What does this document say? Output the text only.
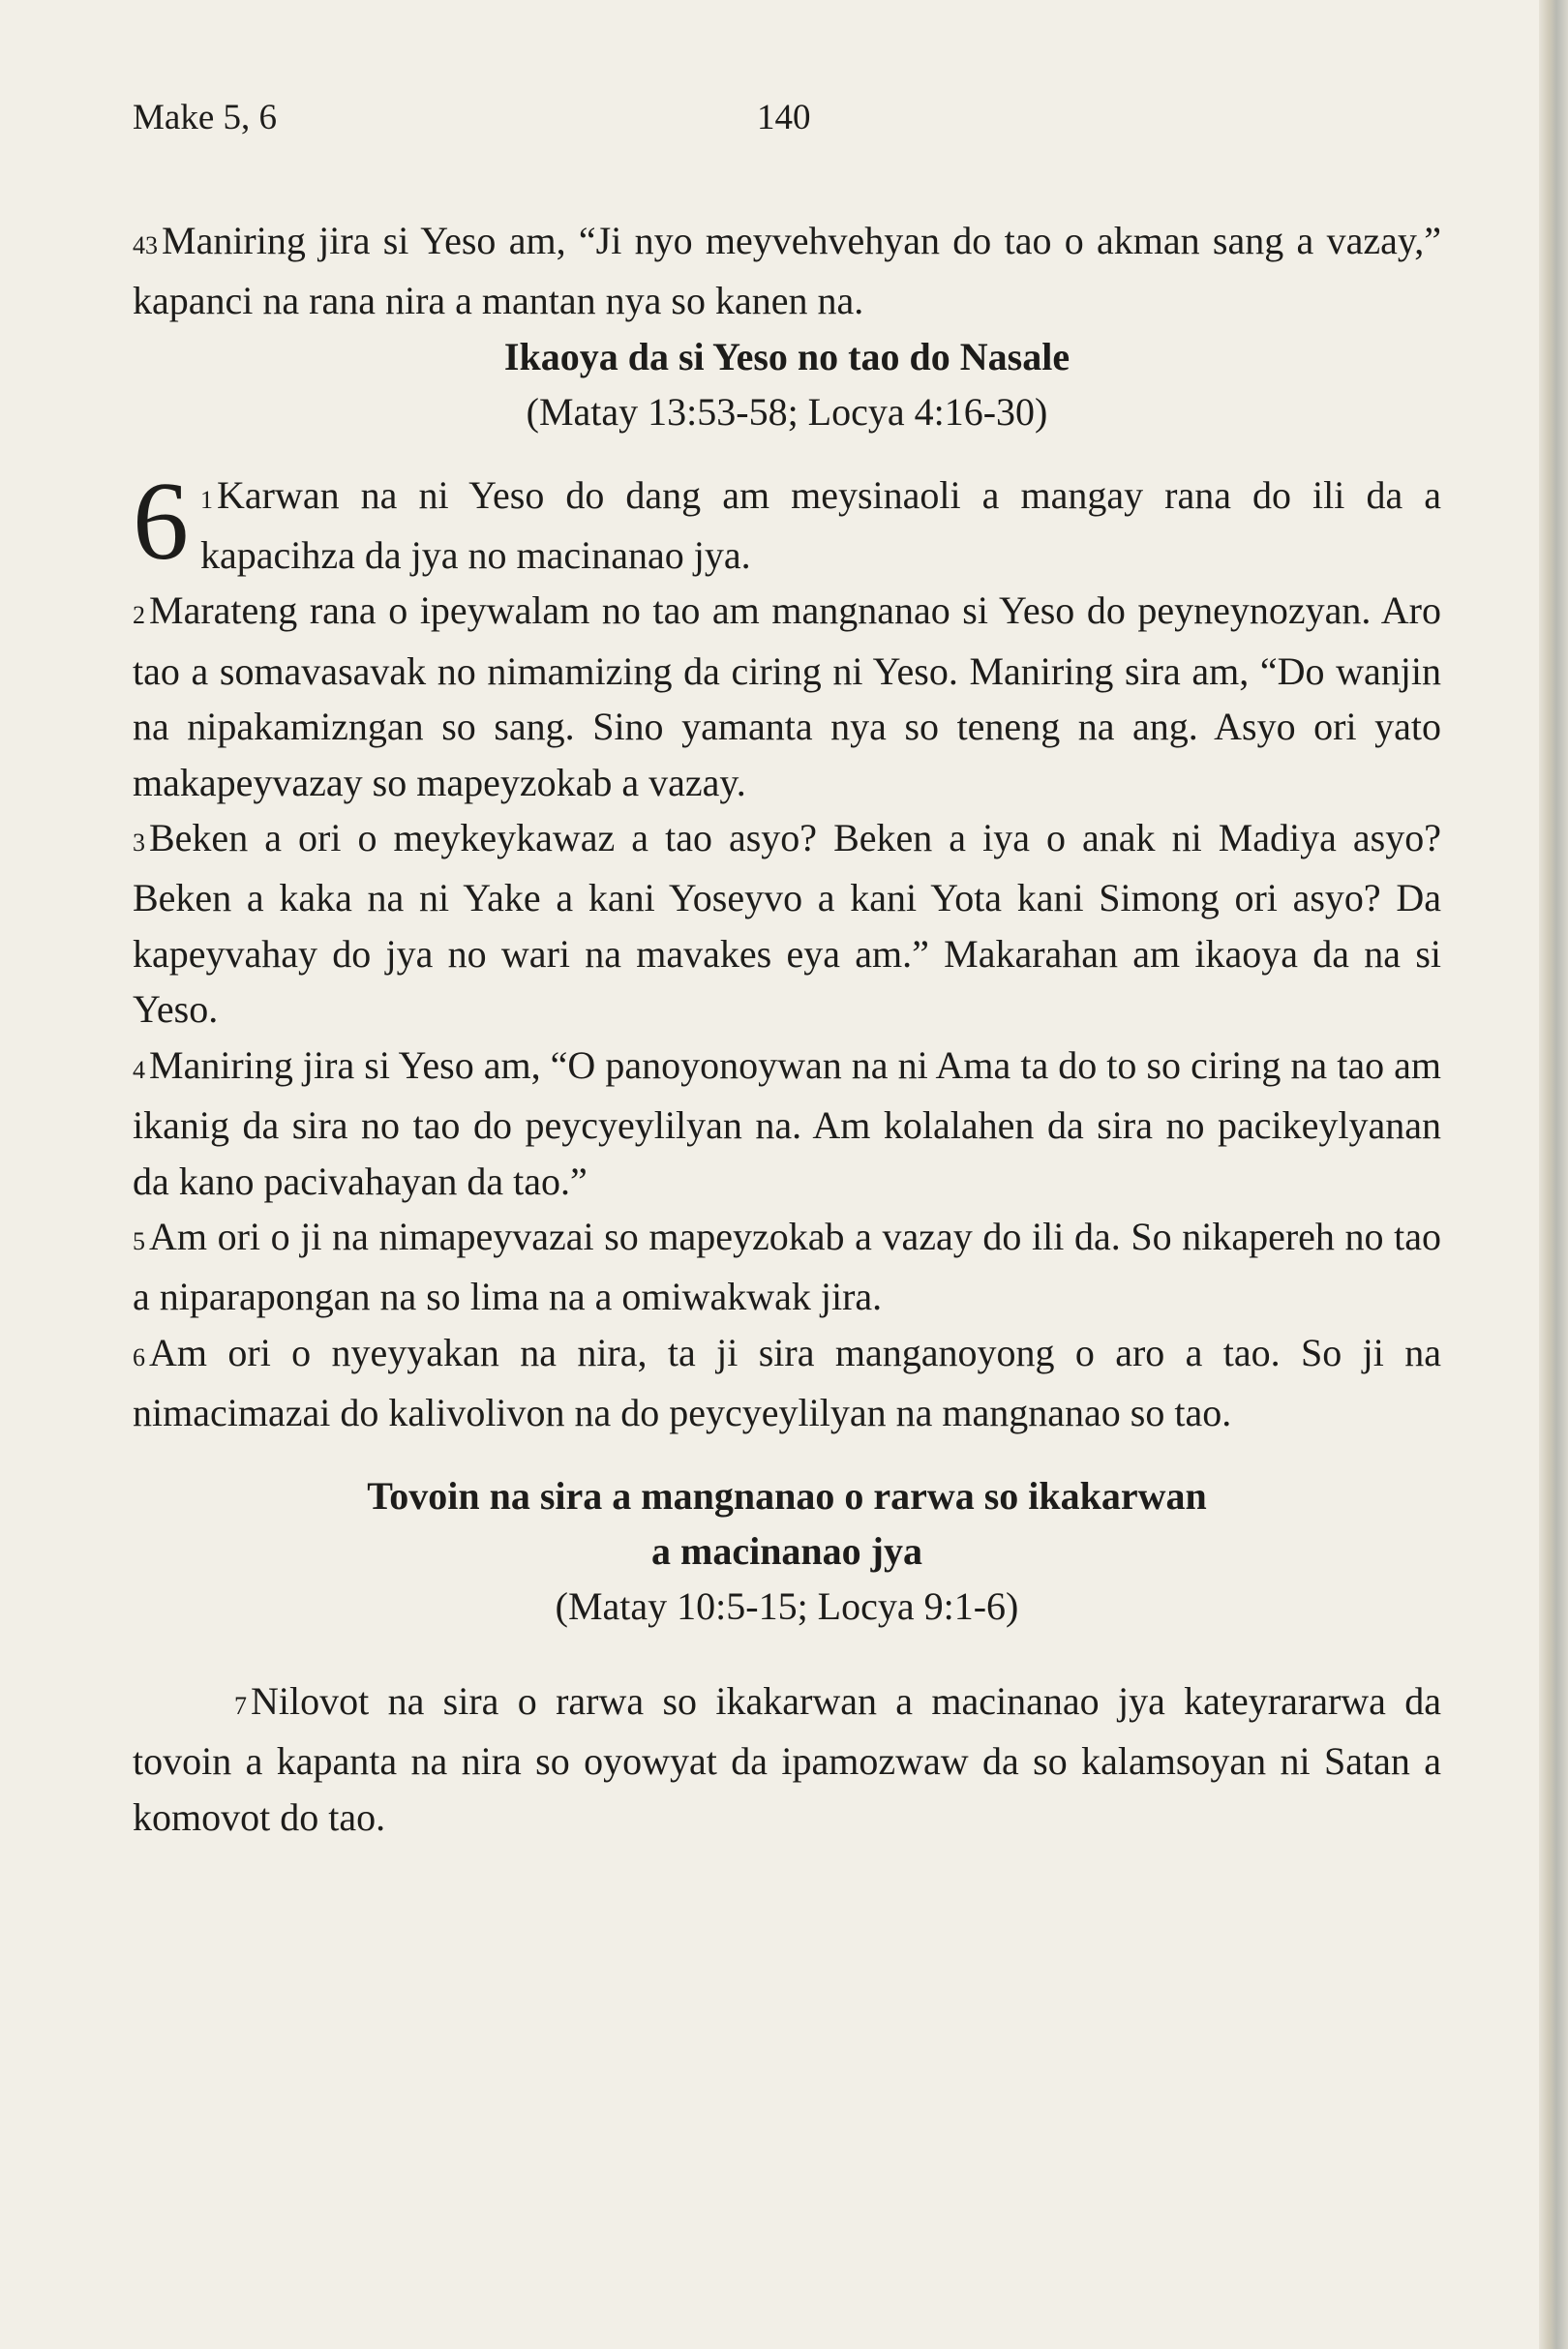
Make 5, 6	140

43 Maniring jira si Yeso am, “Ji nyo meyvehvehyan do tao o akman sang a vazay,” kapanci na rana nira a mantan nya so kanen na.

Ikaoya da si Yeso no tao do Nasale

(Matay 13:53-58; Locya 4:16-30)

6 1 Karwan na ni Yeso do dang am meysinaoli a mangay rana do ili da a kapacihza da jya no macinanao jya.

2 Marateng rana o ipeywalam no tao am mangnanao si Yeso do peyneynozyan. Aro tao a somavasavak no nimamizing da ciring ni Yeso. Maniring sira am, “Do wanjin na nipakamizngan so sang. Sino yamanta nya so teneng na ang. Asyo ori yato makapeyvazay so mapeyzokab a vazay.

3 Beken a ori o meykeykawaz a tao asyo? Beken a iya o anak ni Madiya asyo? Beken a kaka na ni Yake a kani Yoseyvo a kani Yota kani Simong ori asyo? Da kapeyvahay do jya no wari na mavakes eya am.” Makarahan am ikaoya da na si Yeso.

4 Maniring jira si Yeso am, “O panoyonoywan na ni Ama ta do to so ciring na tao am ikanig da sira no tao do peycyeylilyan na. Am kolalahen da sira no pacikeylyanan da kano pacivahayan da tao.”

5 Am ori o ji na nimapeyvazai so mapeyzokab a vazay do ili da. So nikapereh no tao a niparapongan na so lima na a omiwakwak jira.

6 Am ori o nyeyyakan na nira, ta ji sira manganoyong o aro a tao. So ji na nimacimazai do kalivolivon na do peycyeylilyan na mangnanao so tao.

Tovoin na sira a mangnanao o rarwa so ikakarwan

a macinanao jya

(Matay 10:5-15; Locya 9:1-6)

7 Nilovot na sira o rarwa so ikakarwan a macinanao jya kateyrararwa da tovoin a kapanta na nira so oyowyat da ipamozwaw da so kalamsoyan ni Satan a komovot do tao.
